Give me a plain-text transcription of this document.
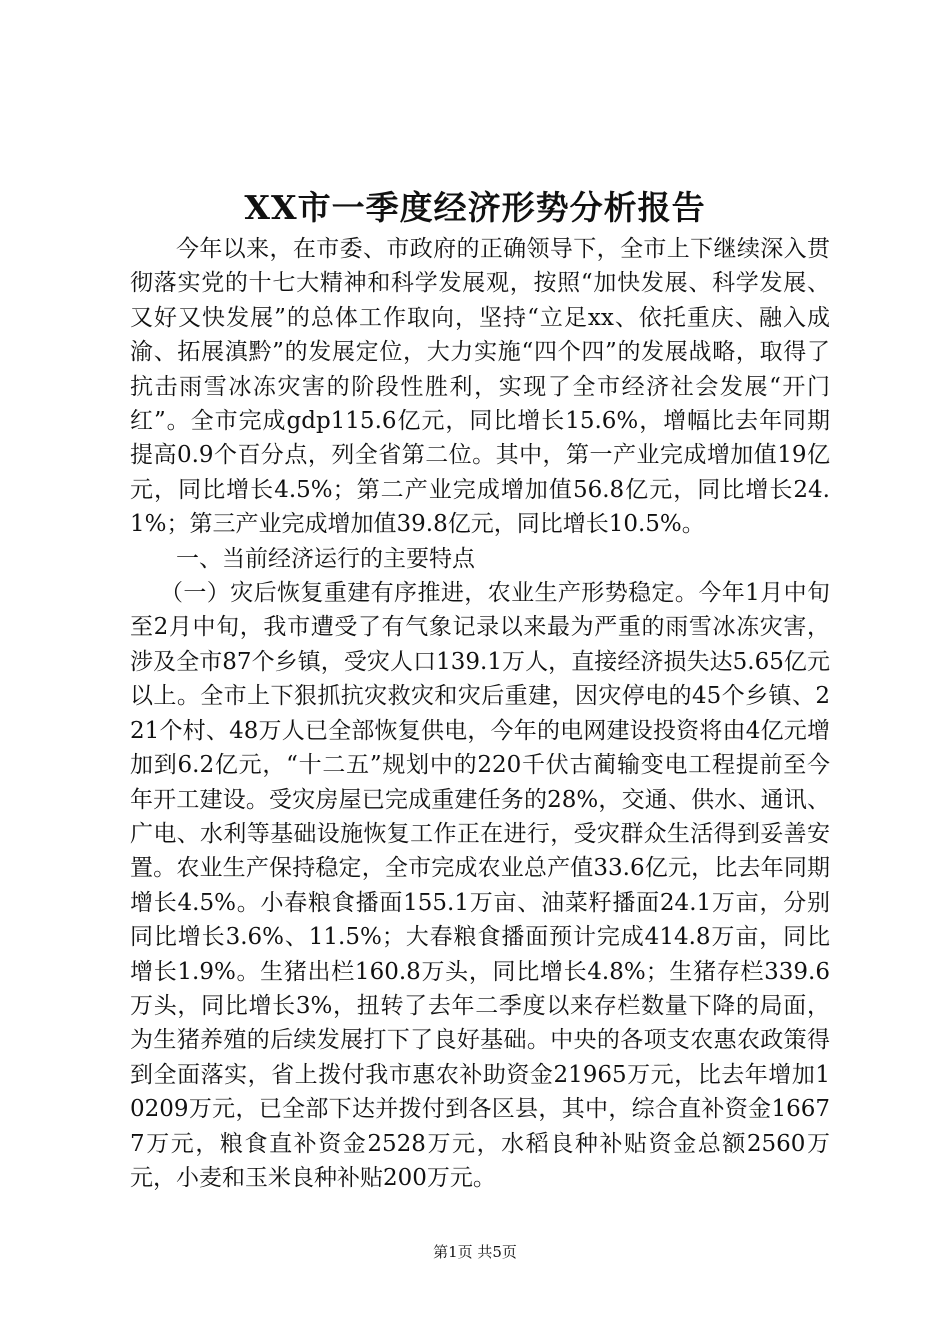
XX市一季度经济形势分析报告

今年以来，在市委、市政府的正确领导下，全市上下继续深入贯彻落实党的十七大精神和科学发展观，按照“加快发展、科学发展、又好又快发展”的总体工作取向，坚持“立足xx、依托重庆、融入成渝、拓展滇黔”的发展定位，大力实施“四个四”的发展战略，取得了抗击雨雪冰冻灾害的阶段性胜利，实现了全市经济社会发展“开门红”。全市完成gdp115.6亿元，同比增长15.6%，增幅比去年同期提高0.9个百分点，列全省第二位。其中，第一产业完成增加值19亿元，同比增长4.5%；第二产业完成增加值56.8亿元，同比增长24.1%；第三产业完成增加值39.8亿元，同比增长10.5%。

一、当前经济运行的主要特点

（一）灾后恢复重建有序推进，农业生产形势稳定。今年1月中旬至2月中旬，我市遭受了有气象记录以来最为严重的雨雪冰冻灾害，涉及全市87个乡镇，受灾人口139.1万人，直接经济损失达5.65亿元以上。全市上下狠抓抗灾救灾和灾后重建，因灾停电的45个乡镇、221个村、48万人已全部恢复供电，今年的电网建设投资将由4亿元增加到6.2亿元，“十二五”规划中的220千伏古蔺输变电工程提前至今年开工建设。受灾房屋已完成重建任务的28%，交通、供水、通讯、广电、水利等基础设施恢复工作正在进行，受灾群众生活得到妥善安置。农业生产保持稳定，全市完成农业总产值33.6亿元，比去年同期增长4.5%。小春粮食播面155.1万亩、油菜籽播面24.1万亩，分别同比增长3.6%、11.5%；大春粮食播面预计完成414.8万亩，同比增长1.9%。生猪出栏160.8万头，同比增长4.8%；生猪存栏339.6万头，同比增长3%，扭转了去年二季度以来存栏数量下降的局面，为生猪养殖的后续发展打下了良好基础。中央的各项支农惠农政策得到全面落实，省上拨付我市惠农补助资金21965万元，比去年增加10209万元，已全部下达并拨付到各区县，其中，综合直补资金16677万元，粮食直补资金2528万元，水稻良种补贴资金总额2560万元，小麦和玉米良种补贴200万元。

第1页 共5页
